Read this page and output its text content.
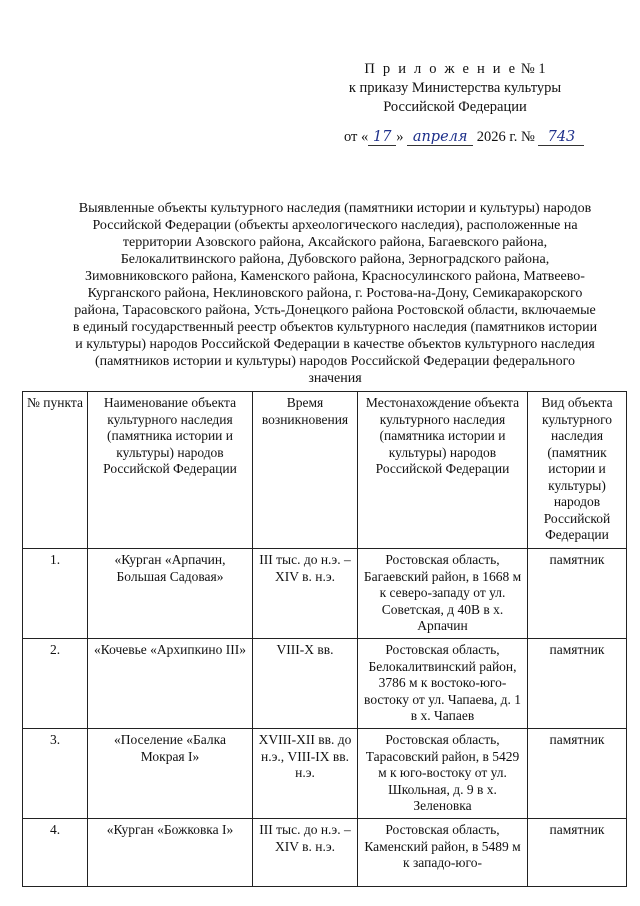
П р и л о ж е н и е № 1
к приказу Министерства культуры
Российской Федерации
от « 17 » апреля 2026 г. № 743
Выявленные объекты культурного наследия (памятники истории и культуры) народов Российской Федерации (объекты археологического наследия), расположенные на территории Азовского района, Аксайского района, Багаевского района, Белокалитвинского района, Дубовского района, Зерноградского района, Зимовниковского района, Каменского района, Красносулинского района, Матвеево-Курганского района, Неклиновского района, г. Ростова-на-Дону, Семикаракорского района, Тарасовского района, Усть-Донецкого района Ростовской области, включаемые в единый государственный реестр объектов культурного наследия (памятников истории и культуры) народов Российской Федерации в качестве объектов культурного наследия (памятников истории и культуры) народов Российской Федерации федерального значения
№ пункта	Наименование объекта культурного наследия (памятника истории и культуры) народов Российской Федерации	Время возникновения	Местонахождение объекта культурного наследия (памятника истории и культуры) народов Российской Федерации	Вид объекта культурного наследия (памятник истории и культуры) народов Российской Федерации
1.	«Курган «Арпачин, Большая Садовая»	III тыс. до н.э. – XIV в. н.э.	Ростовская область, Багаевский район, в 1668 м к северо-западу от ул. Советская, д 40В в х. Арпачин	памятник
2.	«Кочевье «Архипкино III»	VIII-X вв.	Ростовская область, Белокалитвинский район, 3786 м к востоко-юго-востоку от ул. Чапаева, д. 1 в х. Чапаев	памятник
3.	«Поселение «Балка Мокрая I»	XVIII-XII вв. до н.э., VIII-IX вв. н.э.	Ростовская область, Тарасовский район, в 5429 м к юго-востоку от ул. Школьная, д. 9 в х. Зеленовка	памятник
4.	«Курган «Божковка I»	III тыс. до н.э. – XIV в. н.э.	Ростовская область, Каменский район, в 5489 м к западо-юго-	памятник
